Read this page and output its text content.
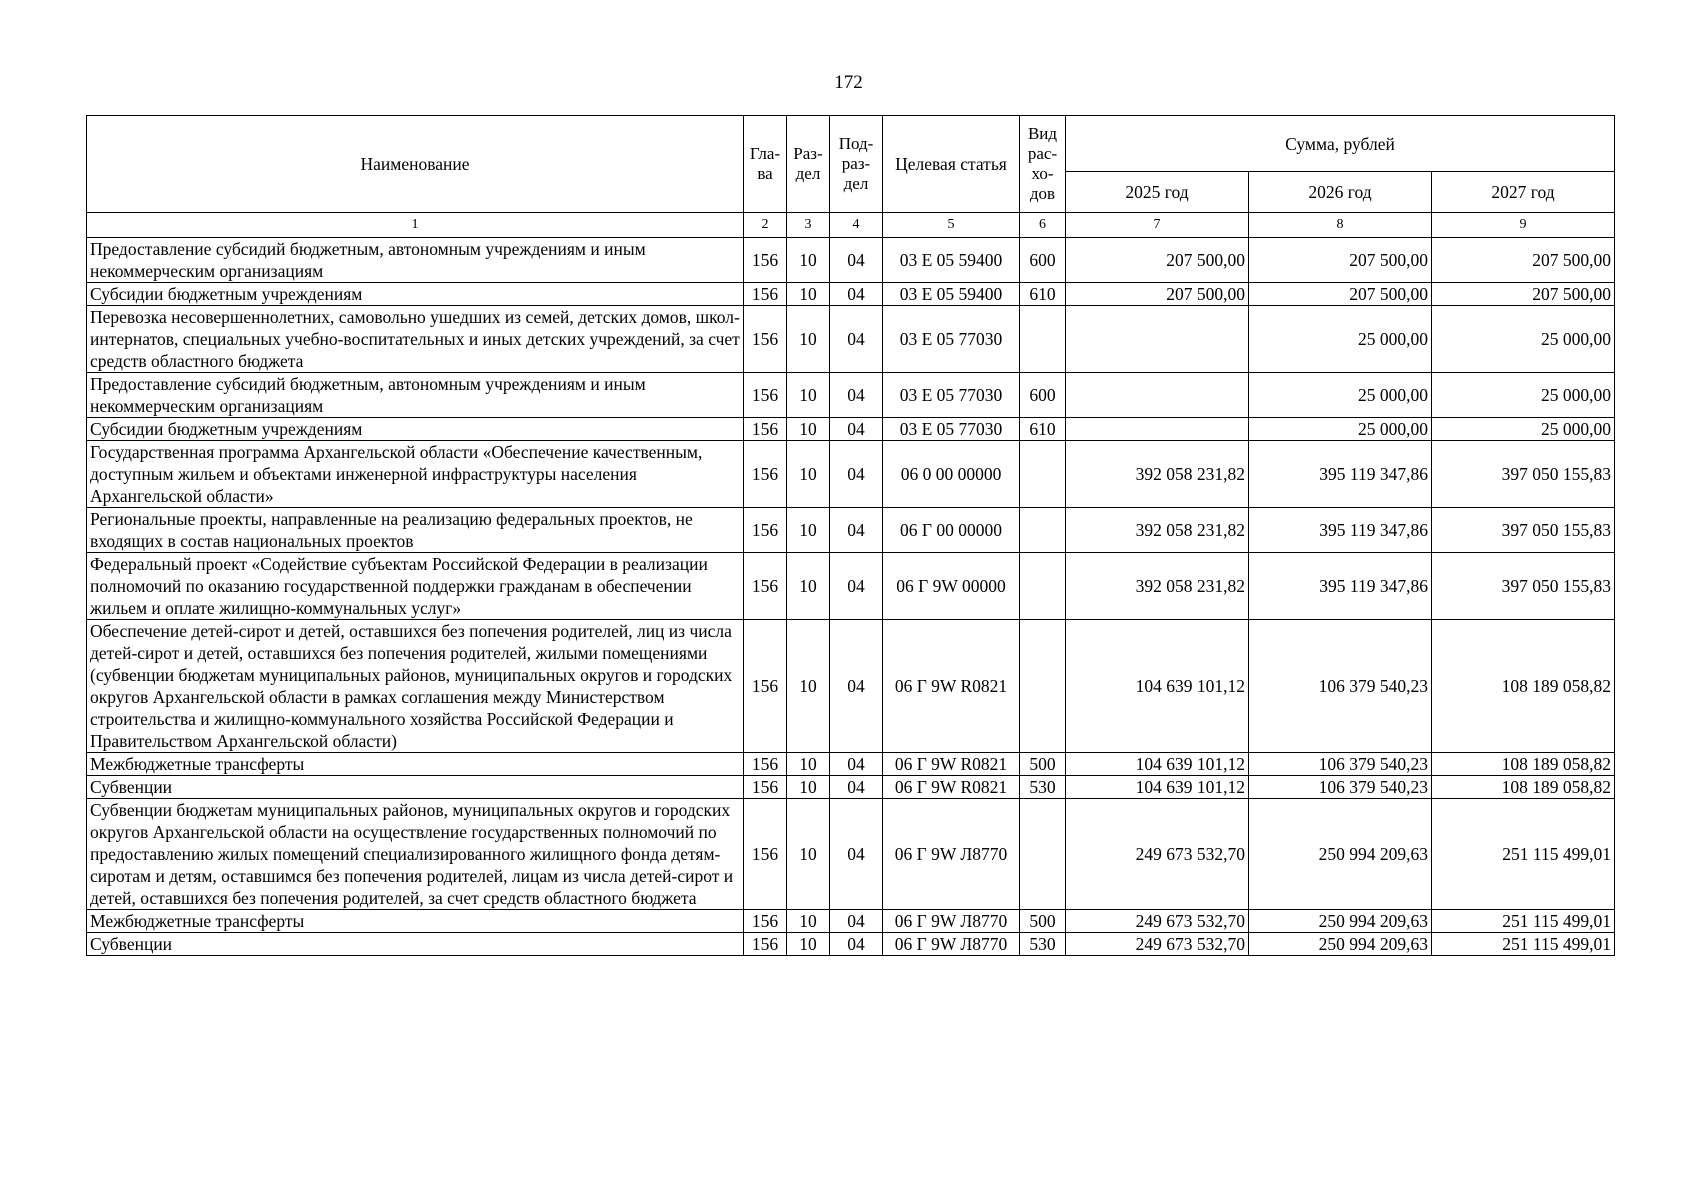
172
Наименование	Гла-ва	Раз-дел	Под-раз-дел	Целевая статья	Вид рас-хо-дов	Сумма, рублей		
						2025 год	2026 год	2027 год
1	2	3	4	5	6	7	8	9
Предоставление субсидий бюджетным, автономным учреждениям и иным некоммерческим организациям	156	10	04	03 Е 05 59400	600	207 500,00	207 500,00	207 500,00
Субсидии бюджетным учреждениям	156	10	04	03 Е 05 59400	610	207 500,00	207 500,00	207 500,00
Перевозка несовершеннолетних, самовольно ушедших из семей, детских домов, школ-интернатов, специальных учебно-воспитательных и иных детских учреждений, за счет средств областного бюджета	156	10	04	03 Е 05 77030			25 000,00	25 000,00
Предоставление субсидий бюджетным, автономным учреждениям и иным некоммерческим организациям	156	10	04	03 Е 05 77030	600		25 000,00	25 000,00
Субсидии бюджетным учреждениям	156	10	04	03 Е 05 77030	610		25 000,00	25 000,00
Государственная программа Архангельской области «Обеспечение качественным, доступным жильем и объектами инженерной инфраструктуры населения Архангельской области»	156	10	04	06 0 00 00000		392 058 231,82	395 119 347,86	397 050 155,83
Региональные проекты, направленные на реализацию федеральных проектов, не входящих в состав национальных проектов	156	10	04	06 Г 00 00000		392 058 231,82	395 119 347,86	397 050 155,83
Федеральный проект «Содействие субъектам Российской Федерации в реализации полномочий по оказанию государственной поддержки гражданам в обеспечении жильем и оплате жилищно-коммунальных услуг»	156	10	04	06 Г 9W 00000		392 058 231,82	395 119 347,86	397 050 155,83
Обеспечение детей-сирот и детей, оставшихся без попечения родителей, лиц из числа детей-сирот и детей, оставшихся без попечения родителей, жилыми помещениями (субвенции бюджетам муниципальных районов, муниципальных округов и городских округов Архангельской области в рамках соглашения между Министерством строительства и жилищно-коммунального хозяйства Российской Федерации и Правительством Архангельской области)	156	10	04	06 Г 9W R0821		104 639 101,12	106 379 540,23	108 189 058,82
Межбюджетные трансферты	156	10	04	06 Г 9W R0821	500	104 639 101,12	106 379 540,23	108 189 058,82
Субвенции	156	10	04	06 Г 9W R0821	530	104 639 101,12	106 379 540,23	108 189 058,82
Субвенции бюджетам муниципальных районов, муниципальных округов и городских округов Архангельской области на осуществление государственных полномочий по предоставлению жилых помещений специализированного жилищного фонда детям-сиротам и детям, оставшимся без попечения родителей, лицам из числа детей-сирот и детей, оставшихся без попечения родителей, за счет средств областного бюджета	156	10	04	06 Г 9W Л8770		249 673 532,70	250 994 209,63	251 115 499,01
Межбюджетные трансферты	156	10	04	06 Г 9W Л8770	500	249 673 532,70	250 994 209,63	251 115 499,01
Субвенции	156	10	04	06 Г 9W Л8770	530	249 673 532,70	250 994 209,63	251 115 499,01
